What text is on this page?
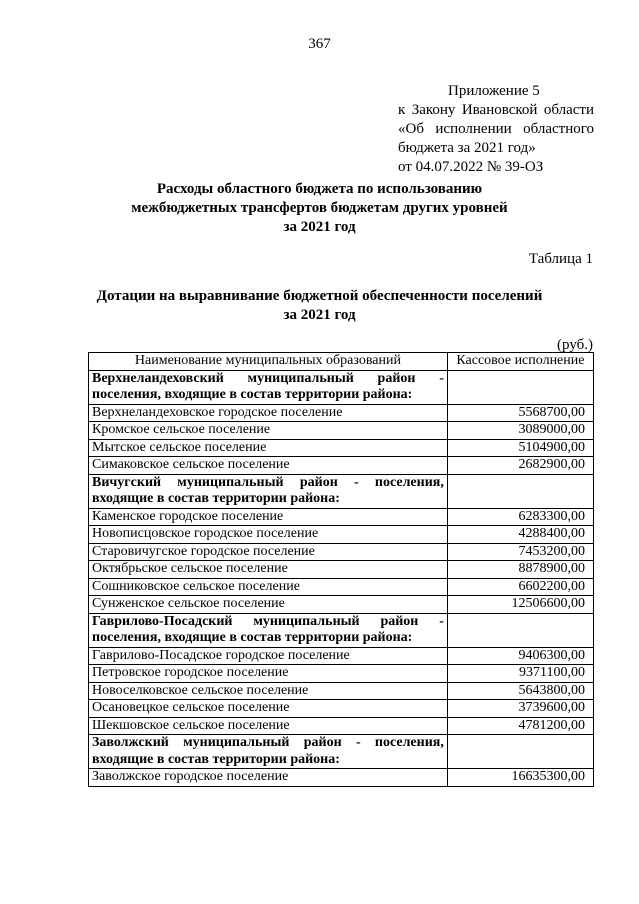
367
Приложение 5
к Закону Ивановской области
«Об исполнении областного
бюджета за 2021 год»
от 04.07.2022 № 39-ОЗ
Расходы областного бюджета по использованию
межбюджетных трансфертов бюджетам других уровней
за 2021 год
Таблица 1
Дотации на выравнивание бюджетной обеспеченности поселений
за 2021 год
(руб.)
Наименование муниципальных образований	Кассовое исполнение
Верхнеландеховский муниципальный район - поселения, входящие в состав территории района:	
Верхнеландеховское городское поселение	5568700,00
Кромское сельское поселение	3089000,00
Мытское сельское поселение	5104900,00
Симаковское сельское поселение	2682900,00
Вичугский муниципальный район - поселения, входящие в состав территории района:	
Каменское городское поселение	6283300,00
Новописцовское городское поселение	4288400,00
Старовичугское городское поселение	7453200,00
Октябрьское сельское поселение	8878900,00
Сошниковское сельское поселение	6602200,00
Сунженское сельское поселение	12506600,00
Гаврилово-Посадский муниципальный район - поселения, входящие в состав территории района:	
Гаврилово-Посадское городское поселение	9406300,00
Петровское городское поселение	9371100,00
Новоселковское сельское поселение	5643800,00
Осановецкое сельское поселение	3739600,00
Шекшовское сельское поселение	4781200,00
Заволжский муниципальный район - поселения, входящие в состав территории района:	
Заволжское городское поселение	16635300,00
